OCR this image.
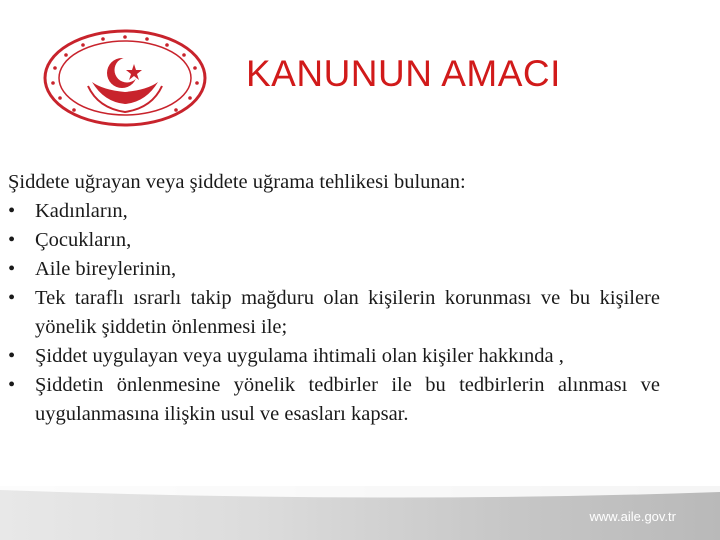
KANUNUN AMACI

Şiddete uğrayan veya şiddete uğrama tehlikesi bulunan:

• Kadınların,
• Çocukların,
• Aile bireylerinin,
• Tek taraflı ısrarlı takip mağduru olan kişilerin korunması ve bu kişilere yönelik şiddetin önlenmesi ile;
• Şiddet uygulayan veya uygulama ihtimali olan kişiler hakkında ,
• Şiddetin önlenmesine yönelik tedbirler ile bu tedbirlerin alınması ve uygulanmasına ilişkin usul ve esasları kapsar.
www.aile.gov.tr
